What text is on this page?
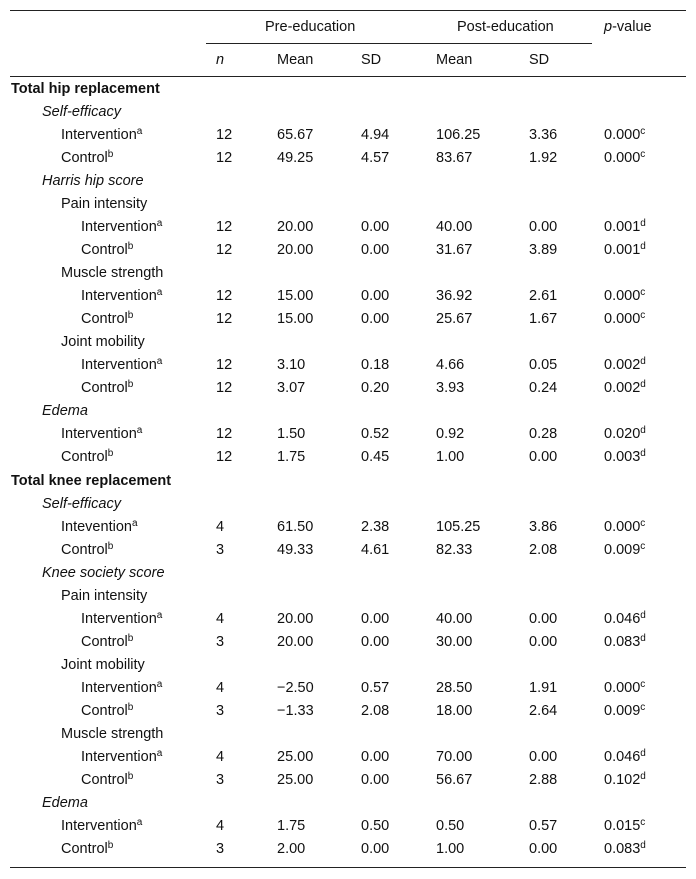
Pre-education	Post-education	p-value
n	Mean	SD	Mean	SD
Total hip replacement
Self-efficacy
Intervention$^a$	12	65.67	4.94	106.25	3.36	0.000$^c$
Control$^b$	12	49.25	4.57	83.67	1.92	0.000$^c$
Harris hip score
Pain intensity
Intervention$^a$	12	20.00	0.00	40.00	0.00	0.001$^d$
Control$^b$	12	20.00	0.00	31.67	3.89	0.001$^d$
Muscle strength
Intervention$^a$	12	15.00	0.00	36.92	2.61	0.000$^c$
Control$^b$	12	15.00	0.00	25.67	1.67	0.000$^c$
Joint mobility
Intervention$^a$	12	3.10	0.18	4.66	0.05	0.002$^d$
Control$^b$	12	3.07	0.20	3.93	0.24	0.002$^d$
Edema
Intervention$^a$	12	1.50	0.52	0.92	0.28	0.020$^d$
Control$^b$	12	1.75	0.45	1.00	0.00	0.003$^d$
Total knee replacement
Self-efficacy
Intevention$^a$	4	61.50	2.38	105.25	3.86	0.000$^c$
Control$^b$	3	49.33	4.61	82.33	2.08	0.009$^c$
Knee society score
Pain intensity
Intervention$^a$	4	20.00	0.00	40.00	0.00	0.046$^d$
Control$^b$	3	20.00	0.00	30.00	0.00	0.083$^d$
Joint mobility
Intervention$^a$	4	−2.50	0.57	28.50	1.91	0.000$^c$
Control$^b$	3	−1.33	2.08	18.00	2.64	0.009$^c$
Muscle strength
Intervention$^a$	4	25.00	0.00	70.00	0.00	0.046$^d$
Control$^b$	3	25.00	0.00	56.67	2.88	0.102$^d$
Edema
Intervention$^a$	4	1.75	0.50	0.50	0.57	0.015$^c$
Control$^b$	3	2.00	0.00	1.00	0.00	0.083$^d$
